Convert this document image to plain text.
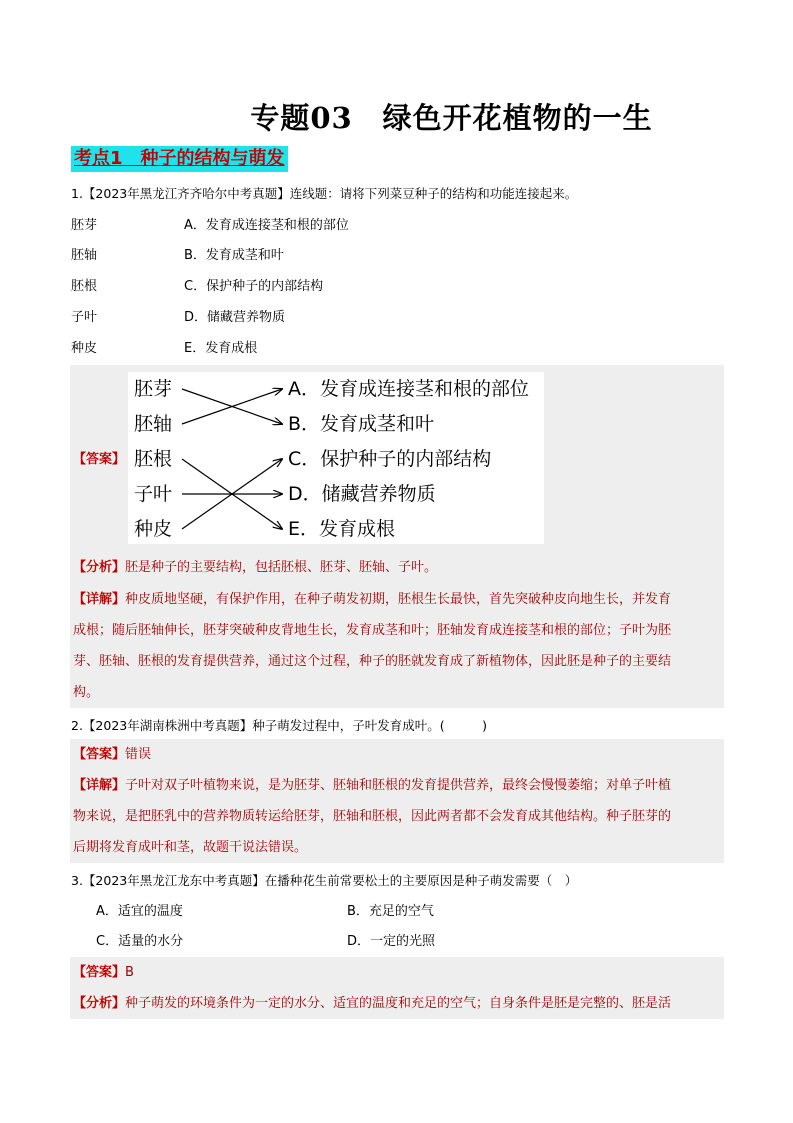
专题03　绿色开花植物的一生
考点1　种子的结构与萌发
1.【2023年黑龙江齐齐哈尔中考真题】连线题：请将下列菜豆种子的结构和功能连接起来。
胚芽
胚轴
胚根
子叶
种皮
A．发育成连接茎和根的部位
B．发育成茎和叶
C．保护种子的内部结构
D．储藏营养物质
E．发育成根
【答案】
胚芽
胚轴
胚根
子叶
种皮
A．发育成连接茎和根的部位
B．发育成茎和叶
C．保护种子的内部结构
D．储藏营养物质
E．发育成根
【分析】胚是种子的主要结构，包括胚根、胚芽、胚轴、子叶。
【详解】种皮质地坚硬，有保护作用，在种子萌发初期，胚根生长最快，首先突破种皮向地生长，并发育
成根；随后胚轴伸长，胚芽突破种皮背地生长，发育成茎和叶；胚轴发育成连接茎和根的部位；子叶为胚
芽、胚轴、胚根的发育提供营养，通过这个过程，种子的胚就发育成了新植物体，因此胚是种子的主要结
构。
2.【2023年湖南株洲中考真题】种子萌发过程中，子叶发育成叶。(　　　)
【答案】错误
【详解】子叶对双子叶植物来说，是为胚芽、胚轴和胚根的发育提供营养，最终会慢慢萎缩；对单子叶植
物来说，是把胚乳中的营养物质转运给胚芽，胚轴和胚根，因此两者都不会发育成其他结构。种子胚芽的
后期将发育成叶和茎，故题干说法错误。
3.【2023年黑龙江龙东中考真题】在播种花生前常要松土的主要原因是种子萌发需要（　）
A．适宜的温度	B．充足的空气
C．适量的水分	D．一定的光照
【答案】B
【分析】种子萌发的环境条件为一定的水分、适宜的温度和充足的空气；自身条件是胚是完整的、胚是活
